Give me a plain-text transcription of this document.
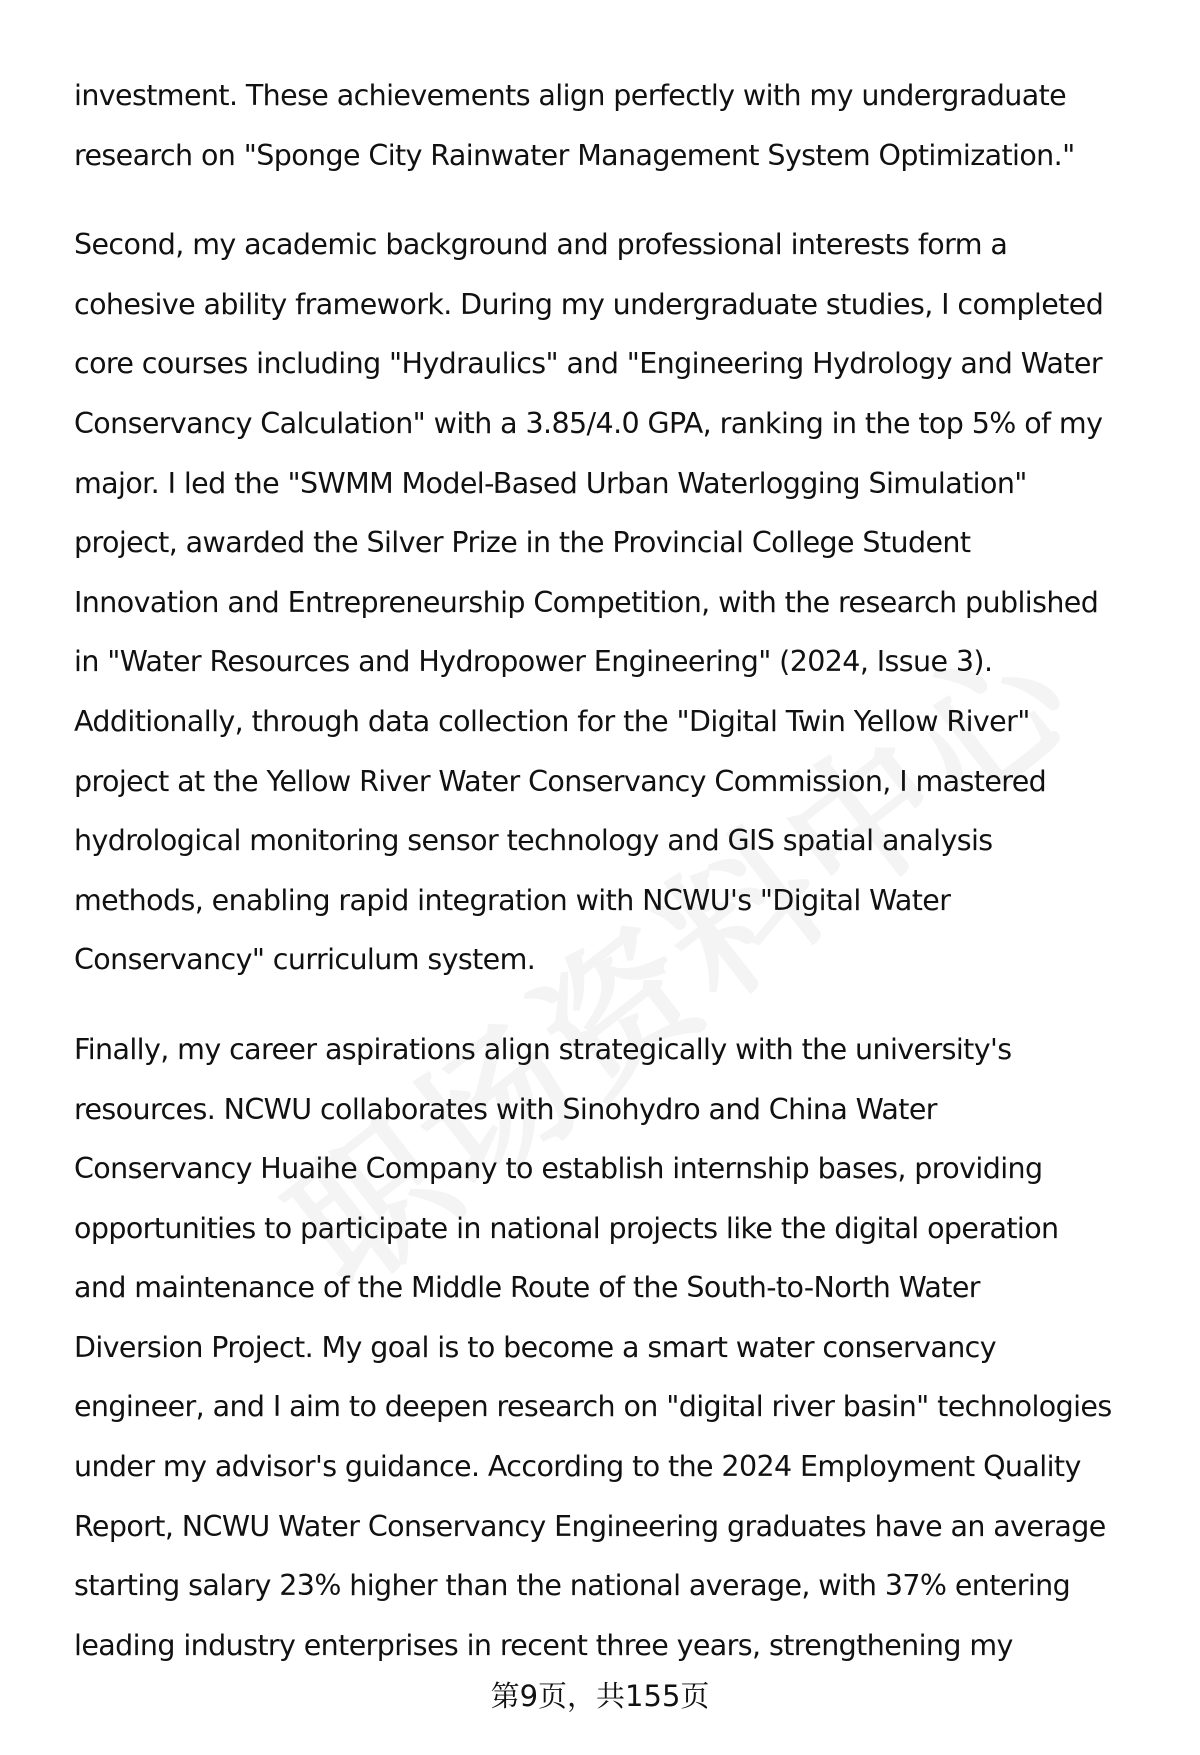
investment. These achievements align perfectly with my undergraduate
research on "Sponge City Rainwater Management System Optimization."
Second, my academic background and professional interests form a
cohesive ability framework. During my undergraduate studies, I completed
core courses including "Hydraulics" and "Engineering Hydrology and Water
Conservancy Calculation" with a 3.85/4.0 GPA, ranking in the top 5% of my
major. I led the "SWMM Model-Based Urban Waterlogging Simulation"
project, awarded the Silver Prize in the Provincial College Student
Innovation and Entrepreneurship Competition, with the research published
in "Water Resources and Hydropower Engineering" (2024, Issue 3).
Additionally, through data collection for the "Digital Twin Yellow River"
project at the Yellow River Water Conservancy Commission, I mastered
hydrological monitoring sensor technology and GIS spatial analysis
methods, enabling rapid integration with NCWU's "Digital Water
Conservancy" curriculum system.
Finally, my career aspirations align strategically with the university's
resources. NCWU collaborates with Sinohydro and China Water
Conservancy Huaihe Company to establish internship bases, providing
opportunities to participate in national projects like the digital operation
and maintenance of the Middle Route of the South-to-North Water
Diversion Project. My goal is to become a smart water conservancy
engineer, and I aim to deepen research on "digital river basin" technologies
under my advisor's guidance. According to the 2024 Employment Quality
Report, NCWU Water Conservancy Engineering graduates have an average
starting salary 23% higher than the national average, with 37% entering
leading industry enterprises in recent three years, strengthening my
第9页，共155页
